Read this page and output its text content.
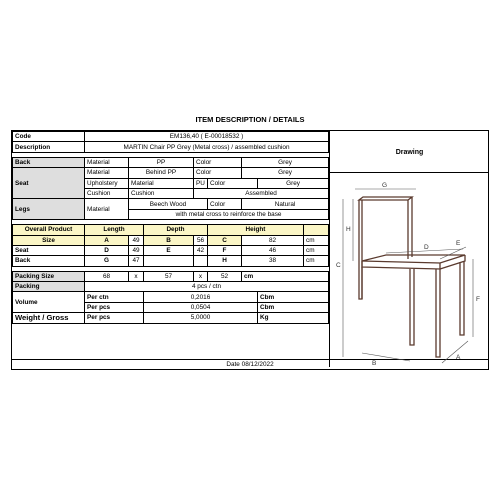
ITEM DESCRIPTION / DETAILS
Code	EM136,40 ( E-00018532 )							
Description	MARTIN Chair PP Grey (Metal cross) / assembled cushion							

Back	Material	PP		Color		Grey		
Seat	Material	Behind PP		Color		Grey		
	Upholstery	Material		PU	Color		Grey	
	Cushion	Cushion		Assembled				
Legs	Material	Beech Wood			Color	Natural		
		with metal cross to reinforce the base						

Overall Product	Length		Depth		Height			
Size	A	49	B	56	C	82		cm
Seat	D	49	E	42	F	46		cm
Back	G	47			H	38		cm

Packing Size	68	x	57	x	52	cm		
Packing	4 pcs / ctn							
Volume	Per ctn		0,2016				Cbm	
	Per pcs		0,0504				Cbm	
Weight / Gross	Per pcs		5,0000				Kg	
Date 08/12/2022
Drawing
G
H
C
D
E
F
B
A
